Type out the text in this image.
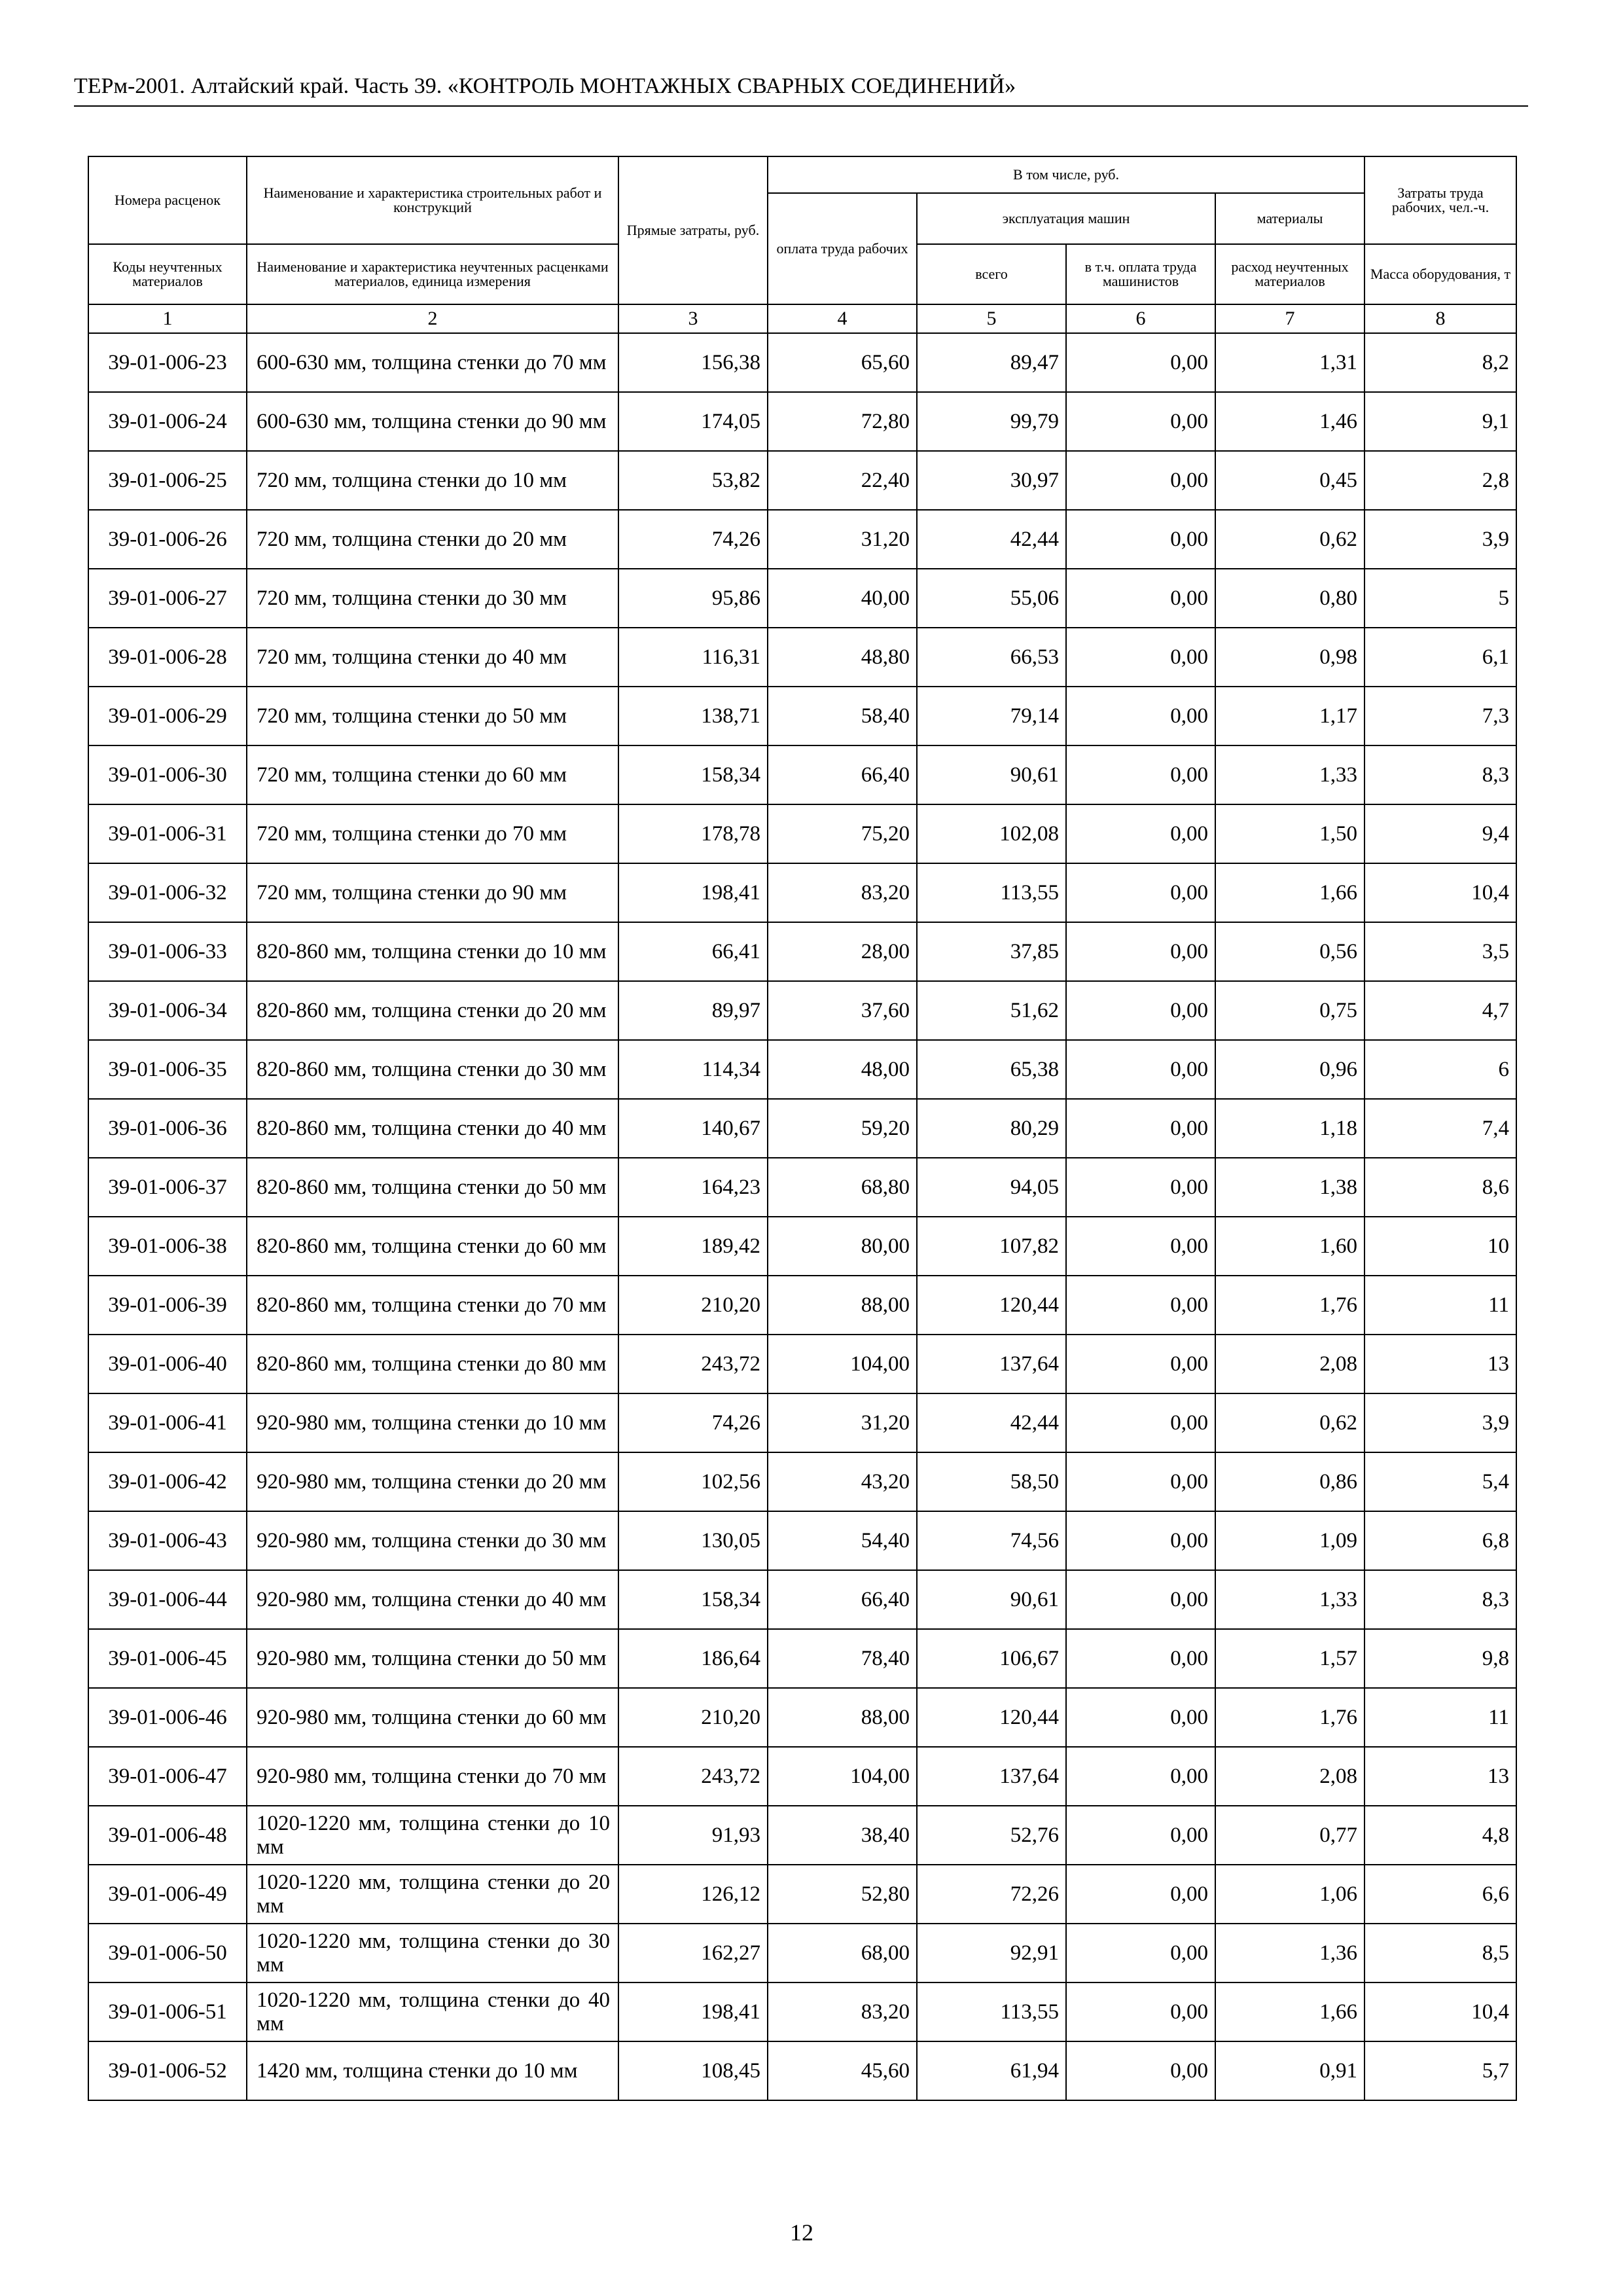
ТЕРм-2001. Алтайский край. Часть 39. «КОНТРОЛЬ МОНТАЖНЫХ СВАРНЫХ СОЕДИНЕНИЙ»
Номера расценок	Наименование и характеристика строительных работ и конструкций	Прямые затраты, руб.	В том числе, руб.				Затраты труда рабочих, чел.-ч.
			оплата труда рабочих	эксплуатация машин		материалы	
Коды неучтенных материалов	Наименование и характеристика неучтенных расценками материалов, единица измерения			всего	в т.ч. оплата труда машинистов	расход неучтенных материалов	Масса оборудования, т
1	2	3	4	5	6	7	8
39-01-006-23	600-630 мм, толщина стенки до 70 мм	156,38	65,60	89,47	0,00	1,31	8,2
39-01-006-24	600-630 мм, толщина стенки до 90 мм	174,05	72,80	99,79	0,00	1,46	9,1
39-01-006-25	720 мм, толщина стенки до 10 мм	53,82	22,40	30,97	0,00	0,45	2,8
39-01-006-26	720 мм, толщина стенки до 20 мм	74,26	31,20	42,44	0,00	0,62	3,9
39-01-006-27	720 мм, толщина стенки до 30 мм	95,86	40,00	55,06	0,00	0,80	5
39-01-006-28	720 мм, толщина стенки до 40 мм	116,31	48,80	66,53	0,00	0,98	6,1
39-01-006-29	720 мм, толщина стенки до 50 мм	138,71	58,40	79,14	0,00	1,17	7,3
39-01-006-30	720 мм, толщина стенки до 60 мм	158,34	66,40	90,61	0,00	1,33	8,3
39-01-006-31	720 мм, толщина стенки до 70 мм	178,78	75,20	102,08	0,00	1,50	9,4
39-01-006-32	720 мм, толщина стенки до 90 мм	198,41	83,20	113,55	0,00	1,66	10,4
39-01-006-33	820-860 мм, толщина стенки до 10 мм	66,41	28,00	37,85	0,00	0,56	3,5
39-01-006-34	820-860 мм, толщина стенки до 20 мм	89,97	37,60	51,62	0,00	0,75	4,7
39-01-006-35	820-860 мм, толщина стенки до 30 мм	114,34	48,00	65,38	0,00	0,96	6
39-01-006-36	820-860 мм, толщина стенки до 40 мм	140,67	59,20	80,29	0,00	1,18	7,4
39-01-006-37	820-860 мм, толщина стенки до 50 мм	164,23	68,80	94,05	0,00	1,38	8,6
39-01-006-38	820-860 мм, толщина стенки до 60 мм	189,42	80,00	107,82	0,00	1,60	10
39-01-006-39	820-860 мм, толщина стенки до 70 мм	210,20	88,00	120,44	0,00	1,76	11
39-01-006-40	820-860 мм, толщина стенки до 80 мм	243,72	104,00	137,64	0,00	2,08	13
39-01-006-41	920-980 мм, толщина стенки до 10 мм	74,26	31,20	42,44	0,00	0,62	3,9
39-01-006-42	920-980 мм, толщина стенки до 20 мм	102,56	43,20	58,50	0,00	0,86	5,4
39-01-006-43	920-980 мм, толщина стенки до 30 мм	130,05	54,40	74,56	0,00	1,09	6,8
39-01-006-44	920-980 мм, толщина стенки до 40 мм	158,34	66,40	90,61	0,00	1,33	8,3
39-01-006-45	920-980 мм, толщина стенки до 50 мм	186,64	78,40	106,67	0,00	1,57	9,8
39-01-006-46	920-980 мм, толщина стенки до 60 мм	210,20	88,00	120,44	0,00	1,76	11
39-01-006-47	920-980 мм, толщина стенки до 70 мм	243,72	104,00	137,64	0,00	2,08	13
39-01-006-48	1020-1220 мм, толщина стенки до 10 мм	91,93	38,40	52,76	0,00	0,77	4,8
39-01-006-49	1020-1220 мм, толщина стенки до 20 мм	126,12	52,80	72,26	0,00	1,06	6,6
39-01-006-50	1020-1220 мм, толщина стенки до 30 мм	162,27	68,00	92,91	0,00	1,36	8,5
39-01-006-51	1020-1220 мм, толщина стенки до 40 мм	198,41	83,20	113,55	0,00	1,66	10,4
39-01-006-52	1420 мм, толщина стенки до 10 мм	108,45	45,60	61,94	0,00	0,91	5,7
12
